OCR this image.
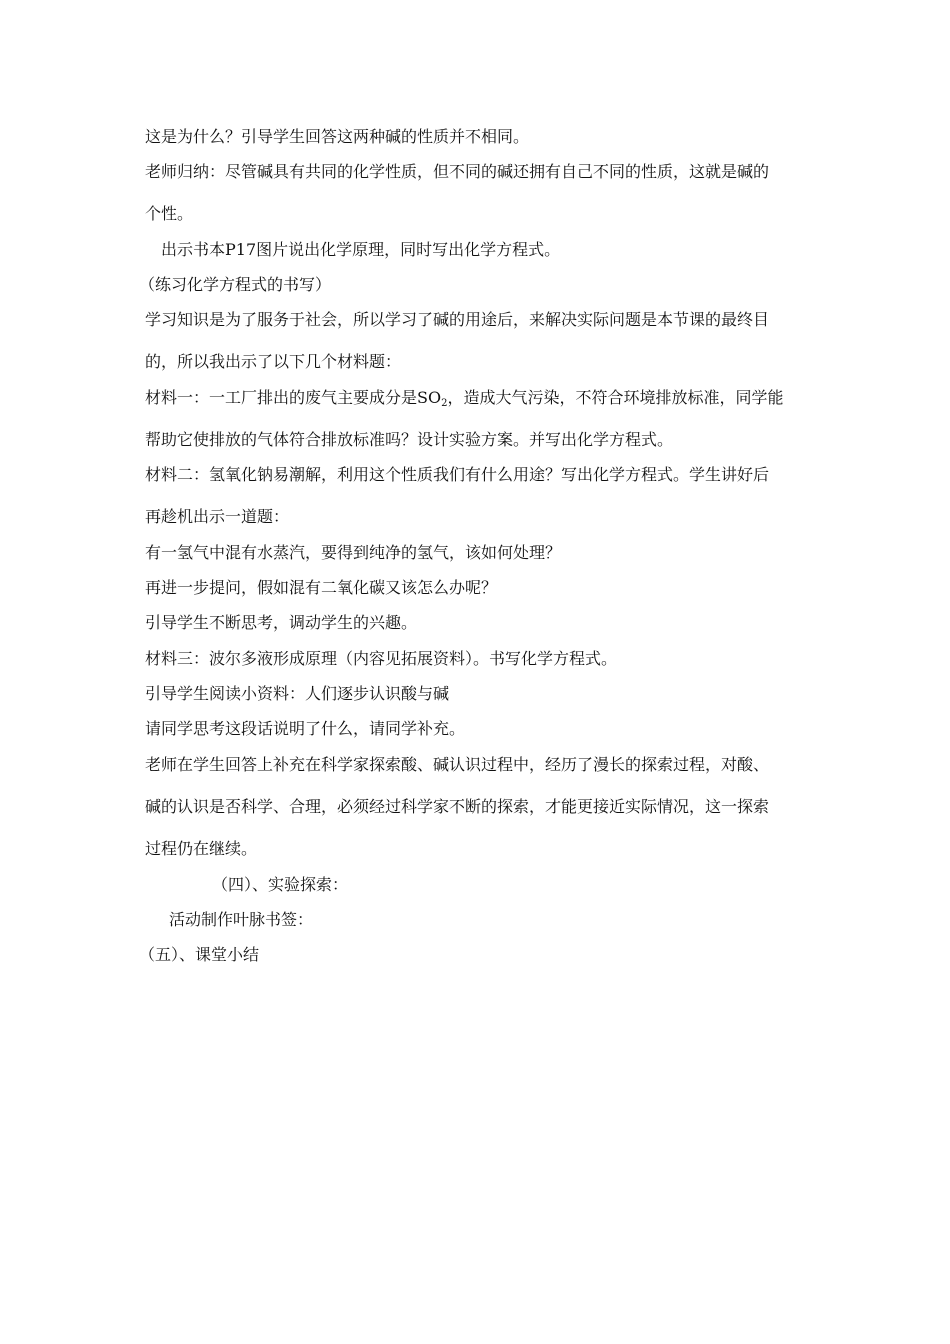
这是为什么？引导学生回答这两种碱的性质并不相同。
老师归纳：尽管碱具有共同的化学性质，但不同的碱还拥有自己不同的性质，这就是碱的
个性。
出示书本P17图片说出化学原理，同时写出化学方程式。
（练习化学方程式的书写）
学习知识是为了服务于社会，所以学习了碱的用途后，来解决实际问题是本节课的最终目
的，所以我出示了以下几个材料题：
材料一：一工厂排出的废气主要成分是$SO_2$，造成大气污染，不符合环境排放标准，同学能
帮助它使排放的气体符合排放标准吗？设计实验方案。并写出化学方程式。
材料二：氢氧化钠易潮解，利用这个性质我们有什么用途？写出化学方程式。学生讲好后
再趁机出示一道题：
有一氢气中混有水蒸汽，要得到纯净的氢气，该如何处理？
再进一步提问，假如混有二氧化碳又该怎么办呢？
引导学生不断思考，调动学生的兴趣。
材料三：波尔多液形成原理（内容见拓展资料）。书写化学方程式。
引导学生阅读小资料：人们逐步认识酸与碱
请同学思考这段话说明了什么，请同学补充。
老师在学生回答上补充在科学家探索酸、碱认识过程中，经历了漫长的探索过程，对酸、
碱的认识是否科学、合理，必须经过科学家不断的探索，才能更接近实际情况，这一探索
过程仍在继续。
（四）、实验探索：
活动制作叶脉书签：
（五）、课堂小结
